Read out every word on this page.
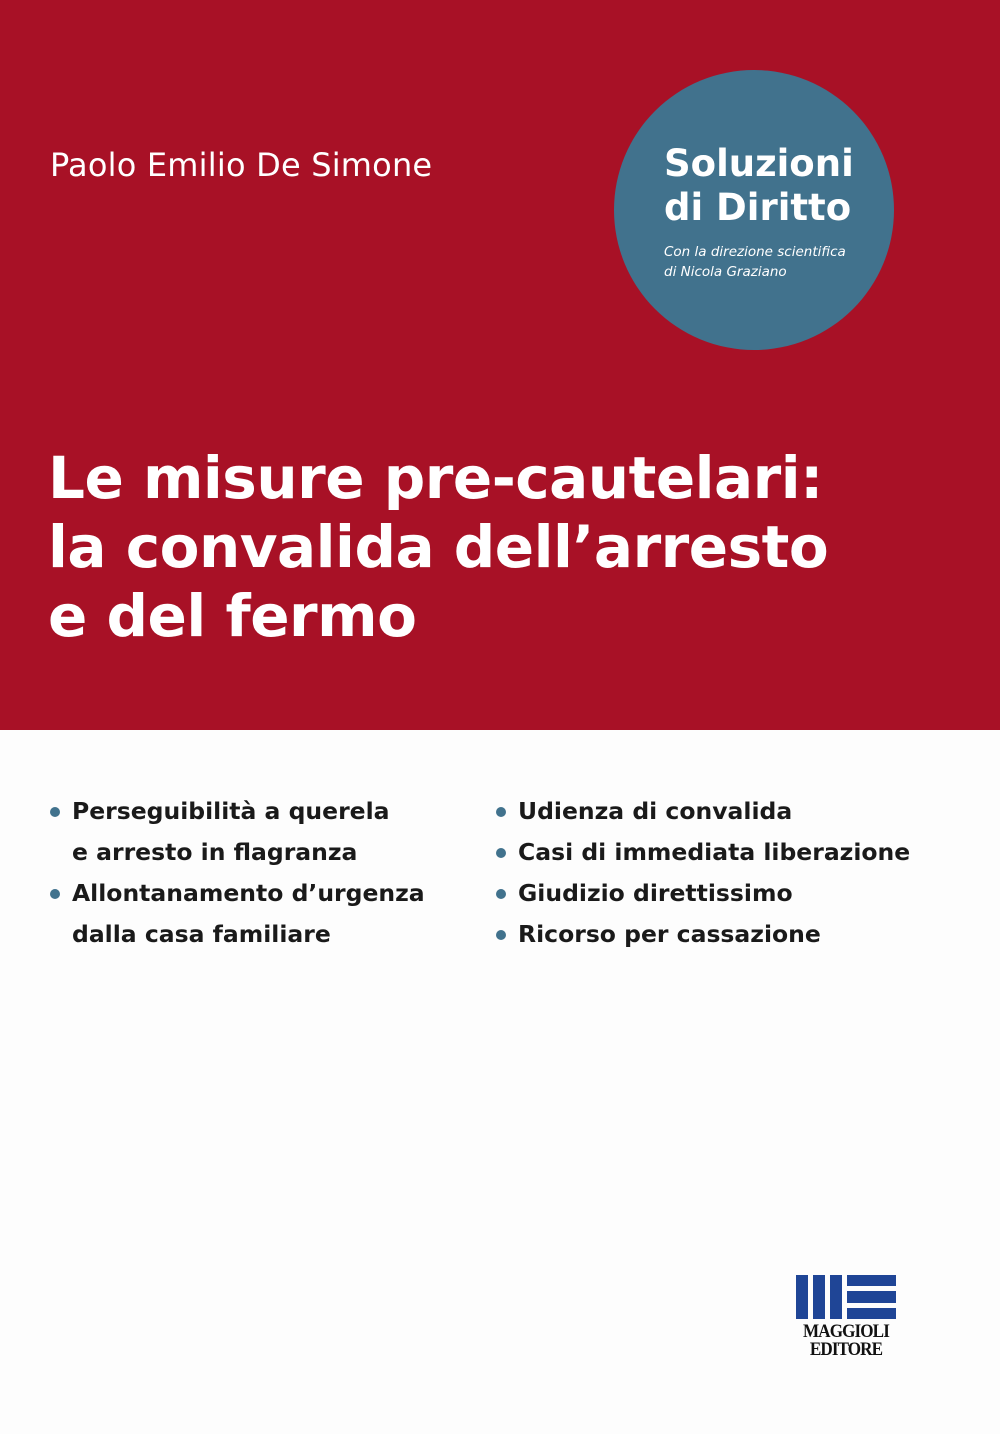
Paolo Emilio De Simone	Soluzioni
di Diritto
Con la direzione scientifica
di Nicola Graziano
Le misure pre-cautelari:
la convalida dell’arresto
e del fermo
Perseguibilità a querela
e arresto in flagranza
Allontanamento d’urgenza
dalla casa familiare
Udienza di convalida
Casi di immediata liberazione
Giudizio direttissimo
Ricorso per cassazione
MAGGIOLI
EDITORE
